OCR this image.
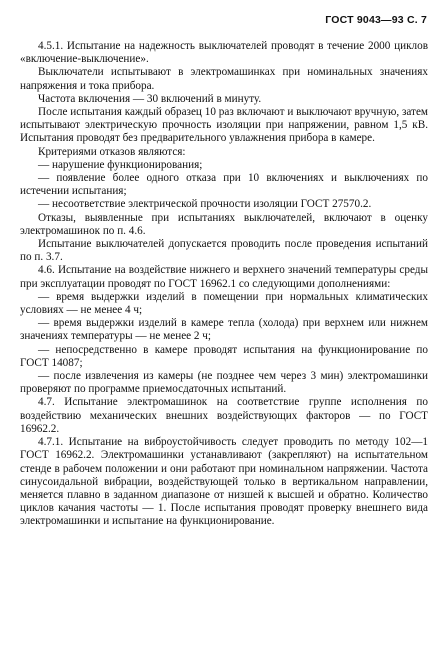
ГОСТ 9043—93 С. 7

4.5.1. Испытание на надежность выключателей проводят в течение 2000 циклов «включение-выключение».

Выключатели испытывают в электромашинках при номинальных значениях напряжения и тока прибора.

Частота включения — 30 включений в минуту.

После испытания каждый образец 10 раз включают и выключают вручную, затем испытывают электрическую прочность изоляции при напряжении, равном 1,5 кВ. Испытания проводят без предварительного увлажнения прибора в камере.

Критериями отказов являются:

— нарушение функционирования;

— появление более одного отказа при 10 включениях и выключениях по истечении испытания;

— несоответствие электрической прочности изоляции ГОСТ 27570.2.

Отказы, выявленные при испытаниях выключателей, включают в оценку электромашинок по п. 4.6.

Испытание выключателей допускается проводить после проведения испытаний по п. 3.7.

4.6. Испытание на воздействие нижнего и верхнего значений температуры среды при эксплуатации проводят по ГОСТ 16962.1 со следующими дополнениями:

— время выдержки изделий в помещении при нормальных климатических условиях — не менее 4 ч;

— время выдержки изделий в камере тепла (холода) при верхнем или нижнем значениях температуры — не менее 2 ч;

— непосредственно в камере проводят испытания на функционирование по ГОСТ 14087;

— после извлечения из камеры (не позднее чем через 3 мин) электромашинки проверяют по программе приемосдаточных испытаний.

4.7. Испытание электромашинок на соответствие группе исполнения по воздействию механических внешних воздействующих факторов — по ГОСТ 16962.2.

4.7.1. Испытание на виброустойчивость следует проводить по методу 102—1 ГОСТ 16962.2. Электромашинки устанавливают (закрепляют) на испытательном стенде в рабочем положении и они работают при номинальном напряжении. Частота синусоидальной вибрации, воздействующей только в вертикальном направлении, меняется плавно в заданном диапазоне от низшей к высшей и обратно. Количество циклов качания частоты — 1. После испытания проводят проверку внешнего вида электромашинки и испытание на функционирование.
